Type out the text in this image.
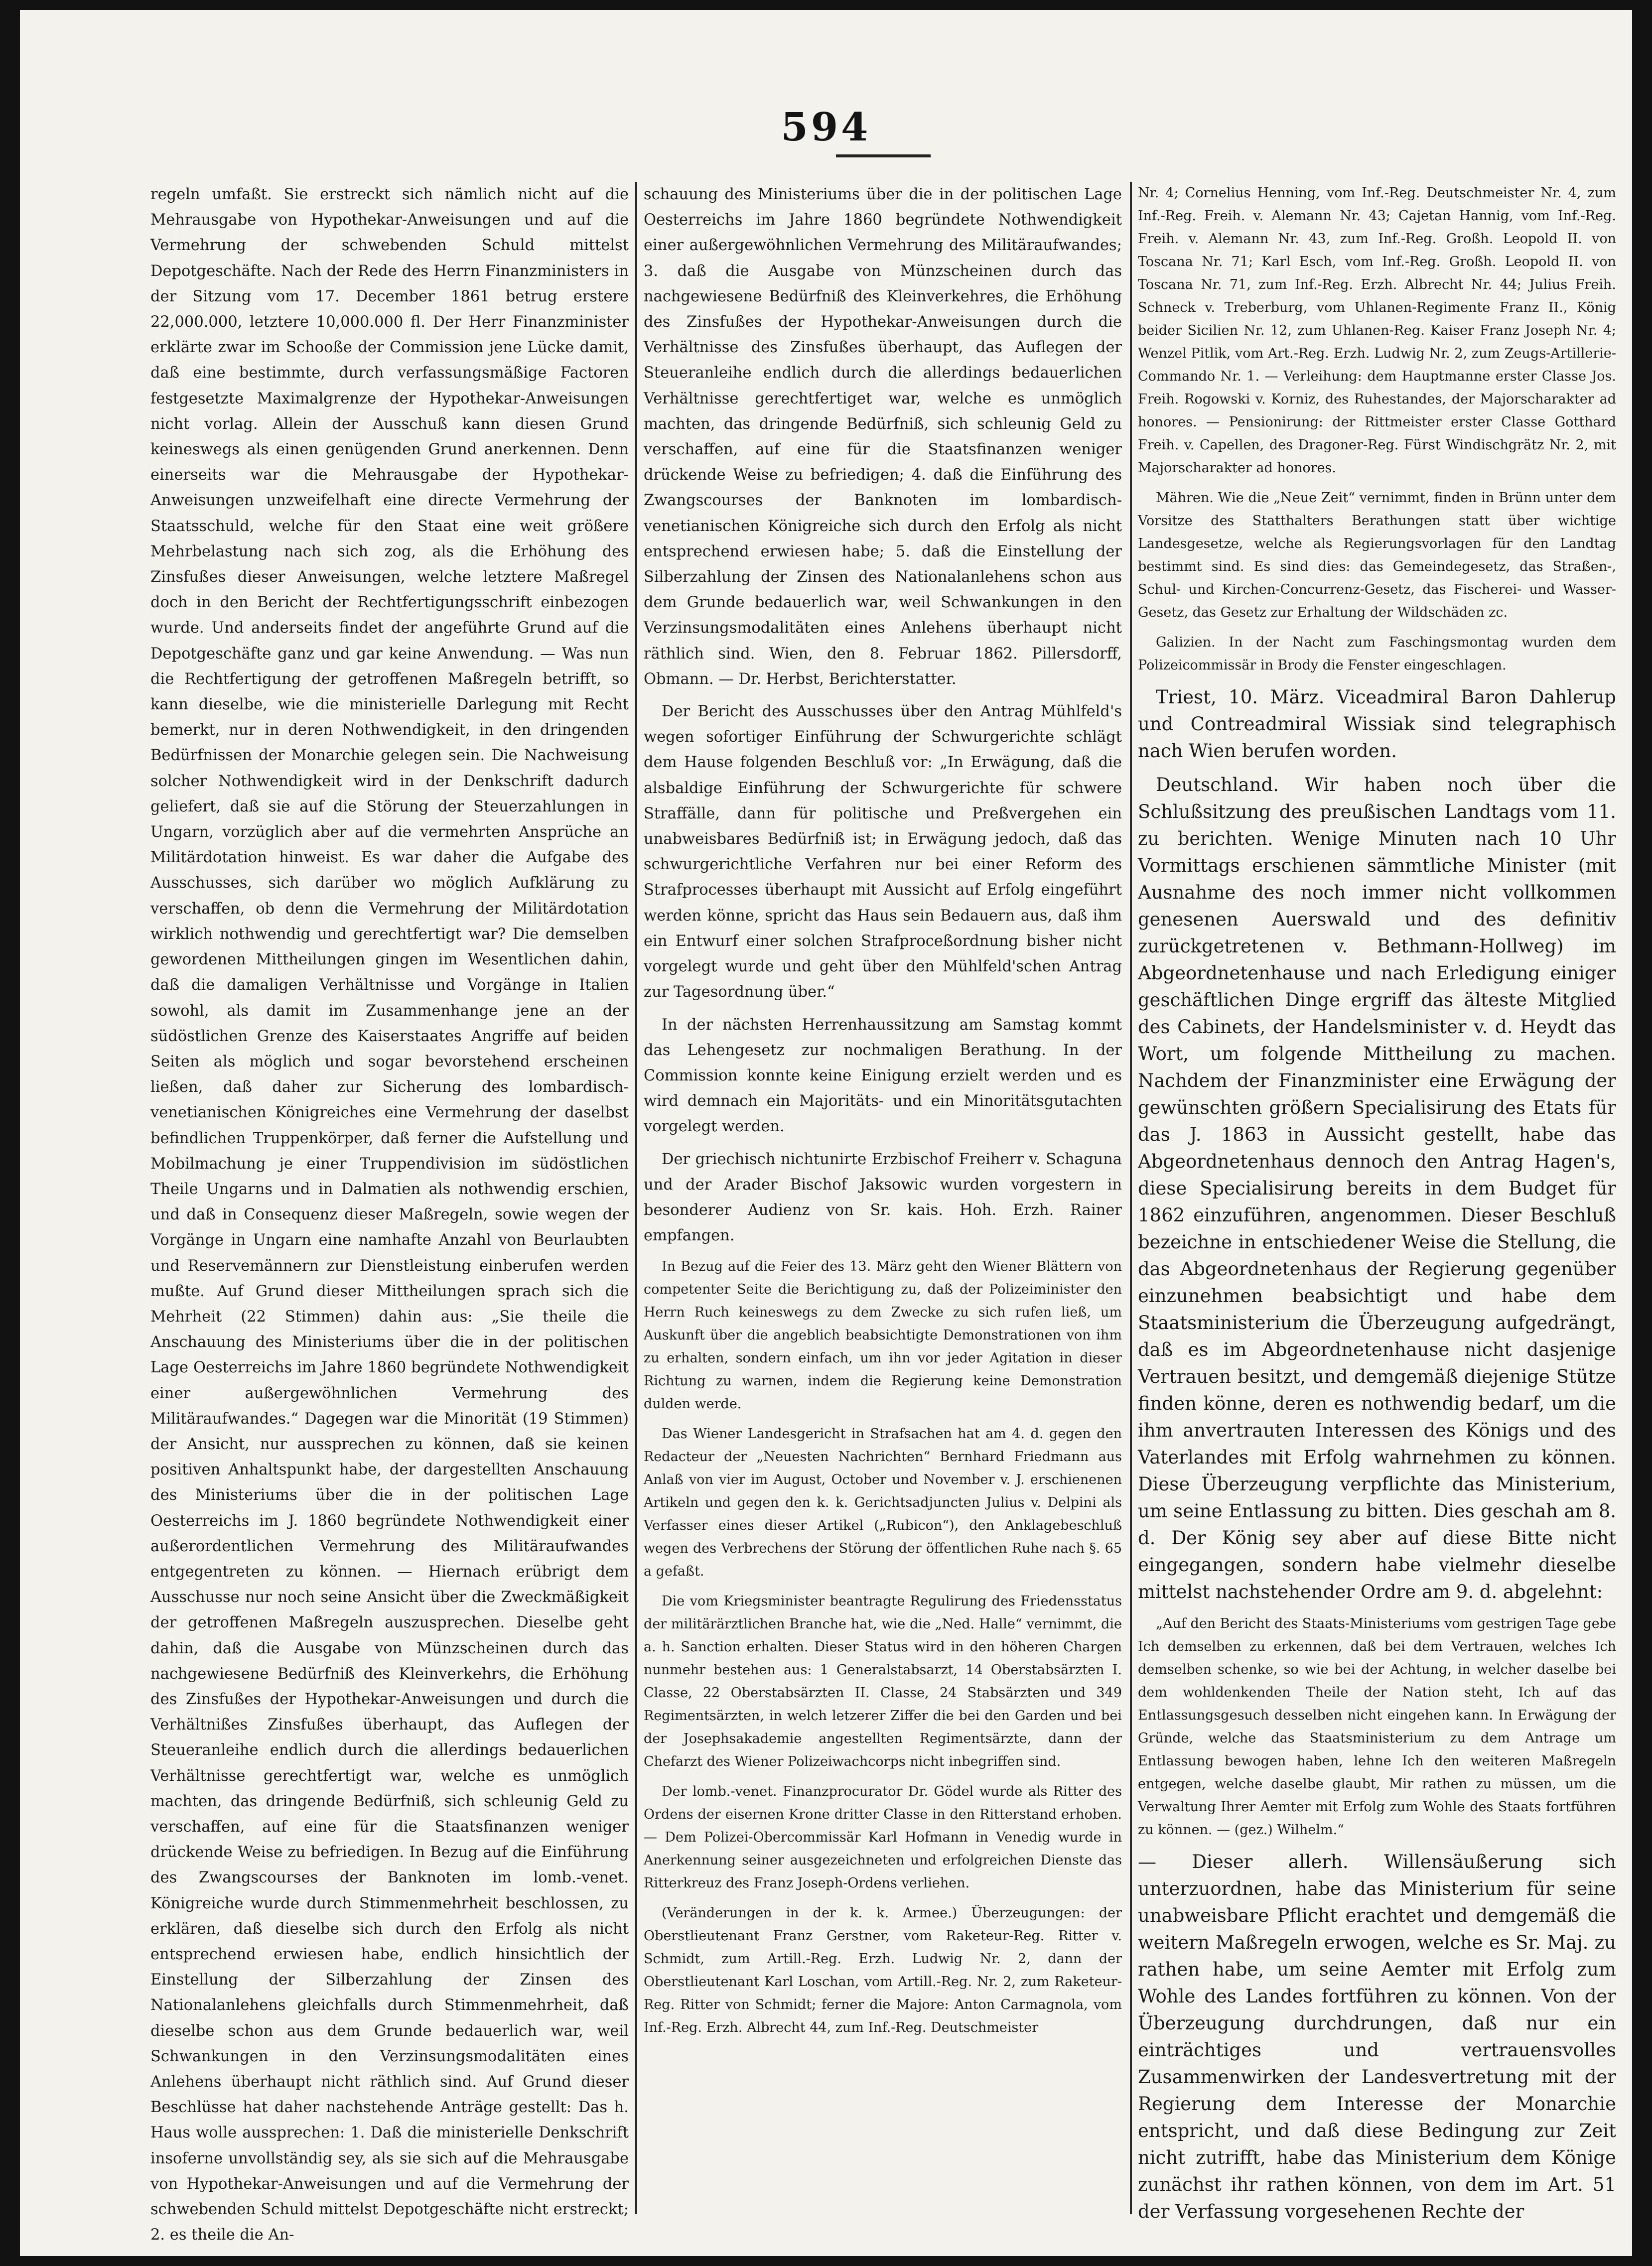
594

regeln umfaßt. Sie erstreckt sich nämlich nicht auf die Mehrausgabe von Hypothekar-Anweisungen und auf die Vermehrung der schwebenden Schuld mittelst Depotgeschäfte. Nach der Rede des Herrn Finanzministers in der Sitzung vom 17. December 1861 betrug erstere 22,000.000, letztere 10,000.000 fl. Der Herr Finanzminister erklärte zwar im Schooße der Commission jene Lücke damit, daß eine bestimmte, durch verfassungsmäßige Factoren festgesetzte Maximalgrenze der Hypothekar-Anweisungen nicht vorlag. Allein der Ausschuß kann diesen Grund keineswegs als einen genügenden Grund anerkennen. Denn einerseits war die Mehrausgabe der Hypothekar-Anweisungen unzweifelhaft eine directe Vermehrung der Staatsschuld, welche für den Staat eine weit größere Mehrbelastung nach sich zog, als die Erhöhung des Zinsfußes dieser Anweisungen, welche letztere Maßregel doch in den Bericht der Rechtfertigungsschrift einbezogen wurde. Und anderseits findet der angeführte Grund auf die Depotgeschäfte ganz und gar keine Anwendung. — Was nun die Rechtfertigung der getroffenen Maßregeln betrifft, so kann dieselbe, wie die ministerielle Darlegung mit Recht bemerkt, nur in deren Nothwendigkeit, in den dringenden Bedürfnissen der Monarchie gelegen sein. Die Nachweisung solcher Nothwendigkeit wird in der Denkschrift dadurch geliefert, daß sie auf die Störung der Steuerzahlungen in Ungarn, vorzüglich aber auf die vermehrten Ansprüche an Militärdotation hinweist. Es war daher die Aufgabe des Ausschusses, sich darüber wo möglich Aufklärung zu verschaffen, ob denn die Vermehrung der Militärdotation wirklich nothwendig und gerechtfertigt war? Die demselben gewordenen Mittheilungen gingen im Wesentlichen dahin, daß die damaligen Verhältnisse und Vorgänge in Italien sowohl, als damit im Zusammenhange jene an der südöstlichen Grenze des Kaiserstaates Angriffe auf beiden Seiten als möglich und sogar bevorstehend erscheinen ließen, daß daher zur Sicherung des lombardisch-venetianischen Königreiches eine Vermehrung der daselbst befindlichen Truppenkörper, daß ferner die Aufstellung und Mobilmachung je einer Truppendivision im südöstlichen Theile Ungarns und in Dalmatien als nothwendig erschien, und daß in Consequenz dieser Maßregeln, sowie wegen der Vorgänge in Ungarn eine namhafte Anzahl von Beurlaubten und Reservemännern zur Dienstleistung einberufen werden mußte. Auf Grund dieser Mittheilungen sprach sich die Mehrheit (22 Stimmen) dahin aus: „Sie theile die Anschauung des Ministeriums über die in der politischen Lage Oesterreichs im Jahre 1860 begründete Nothwendigkeit einer außergewöhnlichen Vermehrung des Militäraufwandes.“ Dagegen war die Minorität (19 Stimmen) der Ansicht, nur aussprechen zu können, daß sie keinen positiven Anhaltspunkt habe, der dargestellten Anschauung des Ministeriums über die in der politischen Lage Oesterreichs im J. 1860 begründete Nothwendigkeit einer außerordentlichen Vermehrung des Militäraufwandes entgegentreten zu können. — Hiernach erübrigt dem Ausschusse nur noch seine Ansicht über die Zweckmäßigkeit der getroffenen Maßregeln auszusprechen. Dieselbe geht dahin, daß die Ausgabe von Münzscheinen durch das nachgewiesene Bedürfniß des Kleinverkehrs, die Erhöhung des Zinsfußes der Hypothekar-Anweisungen und durch die Verhältnißes Zinsfußes überhaupt, das Auflegen der Steueranleihe endlich durch die allerdings bedauerlichen Verhältnisse gerechtfertigt war, welche es unmöglich machten, das dringende Bedürfniß, sich schleunig Geld zu verschaffen, auf eine für die Staatsfinanzen weniger drückende Weise zu befriedigen. In Bezug auf die Einführung des Zwangscourses der Banknoten im lomb.-venet. Königreiche wurde durch Stimmenmehrheit beschlossen, zu erklären, daß dieselbe sich durch den Erfolg als nicht entsprechend erwiesen habe, endlich hinsichtlich der Einstellung der Silberzahlung der Zinsen des Nationalanlehens gleichfalls durch Stimmenmehrheit, daß dieselbe schon aus dem Grunde bedauerlich war, weil Schwankungen in den Verzinsungsmodalitäten eines Anlehens überhaupt nicht räthlich sind. Auf Grund dieser Beschlüsse hat daher nachstehende Anträge gestellt: Das h. Haus wolle aussprechen: 1. Daß die ministerielle Denkschrift insoferne unvollständig sey, als sie sich auf die Mehrausgabe von Hypothekar-Anweisungen und auf die Vermehrung der schwebenden Schuld mittelst Depotgeschäfte nicht erstreckt; 2. es theile die An-

schauung des Ministeriums über die in der politischen Lage Oesterreichs im Jahre 1860 begründete Nothwendigkeit einer außergewöhnlichen Vermehrung des Militäraufwandes; 3. daß die Ausgabe von Münzscheinen durch das nachgewiesene Bedürfniß des Kleinverkehres, die Erhöhung des Zinsfußes der Hypothekar-Anweisungen durch die Verhältnisse des Zinsfußes überhaupt, das Auflegen der Steueranleihe endlich durch die allerdings bedauerlichen Verhältnisse gerechtfertiget war, welche es unmöglich machten, das dringende Bedürfniß, sich schleunig Geld zu verschaffen, auf eine für die Staatsfinanzen weniger drückende Weise zu befriedigen; 4. daß die Einführung des Zwangscourses der Banknoten im lombardisch-venetianischen Königreiche sich durch den Erfolg als nicht entsprechend erwiesen habe; 5. daß die Einstellung der Silberzahlung der Zinsen des Nationalanlehens schon aus dem Grunde bedauerlich war, weil Schwankungen in den Verzinsungsmodalitäten eines Anlehens überhaupt nicht räthlich sind. Wien, den 8. Februar 1862. Pillersdorff, Obmann. — Dr. Herbst, Berichterstatter.

Der Bericht des Ausschusses über den Antrag Mühlfeld's wegen sofortiger Einführung der Schwurgerichte schlägt dem Hause folgenden Beschluß vor: „In Erwägung, daß die alsbaldige Einführung der Schwurgerichte für schwere Straffälle, dann für politische und Preßvergehen ein unabweisbares Bedürfniß ist; in Erwägung jedoch, daß das schwurgerichtliche Verfahren nur bei einer Reform des Strafprocesses überhaupt mit Aussicht auf Erfolg eingeführt werden könne, spricht das Haus sein Bedauern aus, daß ihm ein Entwurf einer solchen Strafproceßordnung bisher nicht vorgelegt wurde und geht über den Mühlfeld'schen Antrag zur Tagesordnung über.“

In der nächsten Herrenhaussitzung am Samstag kommt das Lehengesetz zur nochmaligen Berathung. In der Commission konnte keine Einigung erzielt werden und es wird demnach ein Majoritäts- und ein Minoritätsgutachten vorgelegt werden.

Der griechisch nichtunirte Erzbischof Freiherr v. Schaguna und der Arader Bischof Jaksowic wurden vorgestern in besonderer Audienz von Sr. kais. Hoh. Erzh. Rainer empfangen.

In Bezug auf die Feier des 13. März geht den Wiener Blättern von competenter Seite die Berichtigung zu, daß der Polizeiminister den Herrn Ruch keineswegs zu dem Zwecke zu sich rufen ließ, um Auskunft über die angeblich beabsichtigte Demonstrationen von ihm zu erhalten, sondern einfach, um ihn vor jeder Agitation in dieser Richtung zu warnen, indem die Regierung keine Demonstration dulden werde.

Das Wiener Landesgericht in Strafsachen hat am 4. d. gegen den Redacteur der „Neuesten Nachrichten“ Bernhard Friedmann aus Anlaß von vier im August, October und November v. J. erschienenen Artikeln und gegen den k. k. Gerichtsadjuncten Julius v. Delpini als Verfasser eines dieser Artikel („Rubicon“), den Anklagebeschluß wegen des Verbrechens der Störung der öffentlichen Ruhe nach §. 65 a gefaßt.

Die vom Kriegsminister beantragte Regulirung des Friedensstatus der militärärztlichen Branche hat, wie die „Ned. Halle“ vernimmt, die a. h. Sanction erhalten. Dieser Status wird in den höheren Chargen nunmehr bestehen aus: 1 Generalstabsarzt, 14 Oberstabsärzten I. Classe, 22 Oberstabsärzten II. Classe, 24 Stabsärzten und 349 Regimentsärzten, in welch letzerer Ziffer die bei den Garden und bei der Josephsakademie angestellten Regimentsärzte, dann der Chefarzt des Wiener Polizeiwachcorps nicht inbegriffen sind.

Der lomb.-venet. Finanzprocurator Dr. Gödel wurde als Ritter des Ordens der eisernen Krone dritter Classe in den Ritterstand erhoben. — Dem Polizei-Obercommissär Karl Hofmann in Venedig wurde in Anerkennung seiner ausgezeichneten und erfolgreichen Dienste das Ritterkreuz des Franz Joseph-Ordens verliehen.

(Veränderungen in der k. k. Armee.) Überzeugungen: der Oberstlieutenant Franz Gerstner, vom Raketeur-Reg. Ritter v. Schmidt, zum Artill.-Reg. Erzh. Ludwig Nr. 2, dann der Oberstlieutenant Karl Loschan, vom Artill.-Reg. Nr. 2, zum Raketeur-Reg. Ritter von Schmidt; ferner die Majore: Anton Carmagnola, vom Inf.-Reg. Erzh. Albrecht 44, zum Inf.-Reg. Deutschmeister

Nr. 4; Cornelius Henning, vom Inf.-Reg. Deutschmeister Nr. 4, zum Inf.-Reg. Freih. v. Alemann Nr. 43; Cajetan Hannig, vom Inf.-Reg. Freih. v. Alemann Nr. 43, zum Inf.-Reg. Großh. Leopold II. von Toscana Nr. 71; Karl Esch, vom Inf.-Reg. Großh. Leopold II. von Toscana Nr. 71, zum Inf.-Reg. Erzh. Albrecht Nr. 44; Julius Freih. Schneck v. Treberburg, vom Uhlanen-Regimente Franz II., König beider Sicilien Nr. 12, zum Uhlanen-Reg. Kaiser Franz Joseph Nr. 4; Wenzel Pitlik, vom Art.-Reg. Erzh. Ludwig Nr. 2, zum Zeugs-Artillerie-Commando Nr. 1. — Verleihung: dem Hauptmanne erster Classe Jos. Freih. Rogowski v. Korniz, des Ruhestandes, der Majorscharakter ad honores. — Pensionirung: der Rittmeister erster Classe Gotthard Freih. v. Capellen, des Dragoner-Reg. Fürst Windischgrätz Nr. 2, mit Majorscharakter ad honores.

Mähren. Wie die „Neue Zeit“ vernimmt, finden in Brünn unter dem Vorsitze des Statthalters Berathungen statt über wichtige Landesgesetze, welche als Regierungsvorlagen für den Landtag bestimmt sind. Es sind dies: das Gemeindegesetz, das Straßen-, Schul- und Kirchen-Concurrenz-Gesetz, das Fischerei- und Wasser-Gesetz, das Gesetz zur Erhaltung der Wildschäden zc.

Galizien. In der Nacht zum Faschingsmontag wurden dem Polizeicommissär in Brody die Fenster eingeschlagen.

Triest, 10. März. Viceadmiral Baron Dahlerup und Contreadmiral Wissiak sind telegraphisch nach Wien berufen worden.

Deutschland. Wir haben noch über die Schlußsitzung des preußischen Landtags vom 11. zu berichten. Wenige Minuten nach 10 Uhr Vormittags erschienen sämmtliche Minister (mit Ausnahme des noch immer nicht vollkommen genesenen Auerswald und des definitiv zurückgetretenen v. Bethmann-Hollweg) im Abgeordnetenhause und nach Erledigung einiger geschäftlichen Dinge ergriff das älteste Mitglied des Cabinets, der Handelsminister v. d. Heydt das Wort, um folgende Mittheilung zu machen. Nachdem der Finanzminister eine Erwägung der gewünschten größern Specialisirung des Etats für das J. 1863 in Aussicht gestellt, habe das Abgeordnetenhaus dennoch den Antrag Hagen's, diese Specialisirung bereits in dem Budget für 1862 einzuführen, angenommen. Dieser Beschluß bezeichne in entschiedener Weise die Stellung, die das Abgeordnetenhaus der Regierung gegenüber einzunehmen beabsichtigt und habe dem Staatsministerium die Überzeugung aufgedrängt, daß es im Abgeordnetenhause nicht dasjenige Vertrauen besitzt, und demgemäß diejenige Stütze finden könne, deren es nothwendig bedarf, um die ihm anvertrauten Interessen des Königs und des Vaterlandes mit Erfolg wahrnehmen zu können. Diese Überzeugung verpflichte das Ministerium, um seine Entlassung zu bitten. Dies geschah am 8. d. Der König sey aber auf diese Bitte nicht eingegangen, sondern habe vielmehr dieselbe mittelst nachstehender Ordre am 9. d. abgelehnt:

„Auf den Bericht des Staats-Ministeriums vom gestrigen Tage gebe Ich demselben zu erkennen, daß bei dem Vertrauen, welches Ich demselben schenke, so wie bei der Achtung, in welcher daselbe bei dem wohldenkenden Theile der Nation steht, Ich auf das Entlassungsgesuch desselben nicht eingehen kann. In Erwägung der Gründe, welche das Staatsministerium zu dem Antrage um Entlassung bewogen haben, lehne Ich den weiteren Maßregeln entgegen, welche daselbe glaubt, Mir rathen zu müssen, um die Verwaltung Ihrer Aemter mit Erfolg zum Wohle des Staats fortführen zu können. — (gez.) Wilhelm.“

— Dieser allerh. Willensäußerung sich unterzuordnen, habe das Ministerium für seine unabweisbare Pflicht erachtet und demgemäß die weitern Maßregeln erwogen, welche es Sr. Maj. zu rathen habe, um seine Aemter mit Erfolg zum Wohle des Landes fortführen zu können. Von der Überzeugung durchdrungen, daß nur ein einträchtiges und vertrauensvolles Zusammenwirken der Landesvertretung mit der Regierung dem Interesse der Monarchie entspricht, und daß diese Bedingung zur Zeit nicht zutrifft, habe das Ministerium dem Könige zunächst ihr rathen können, von dem im Art. 51 der Verfassung vorgesehenen Rechte der
